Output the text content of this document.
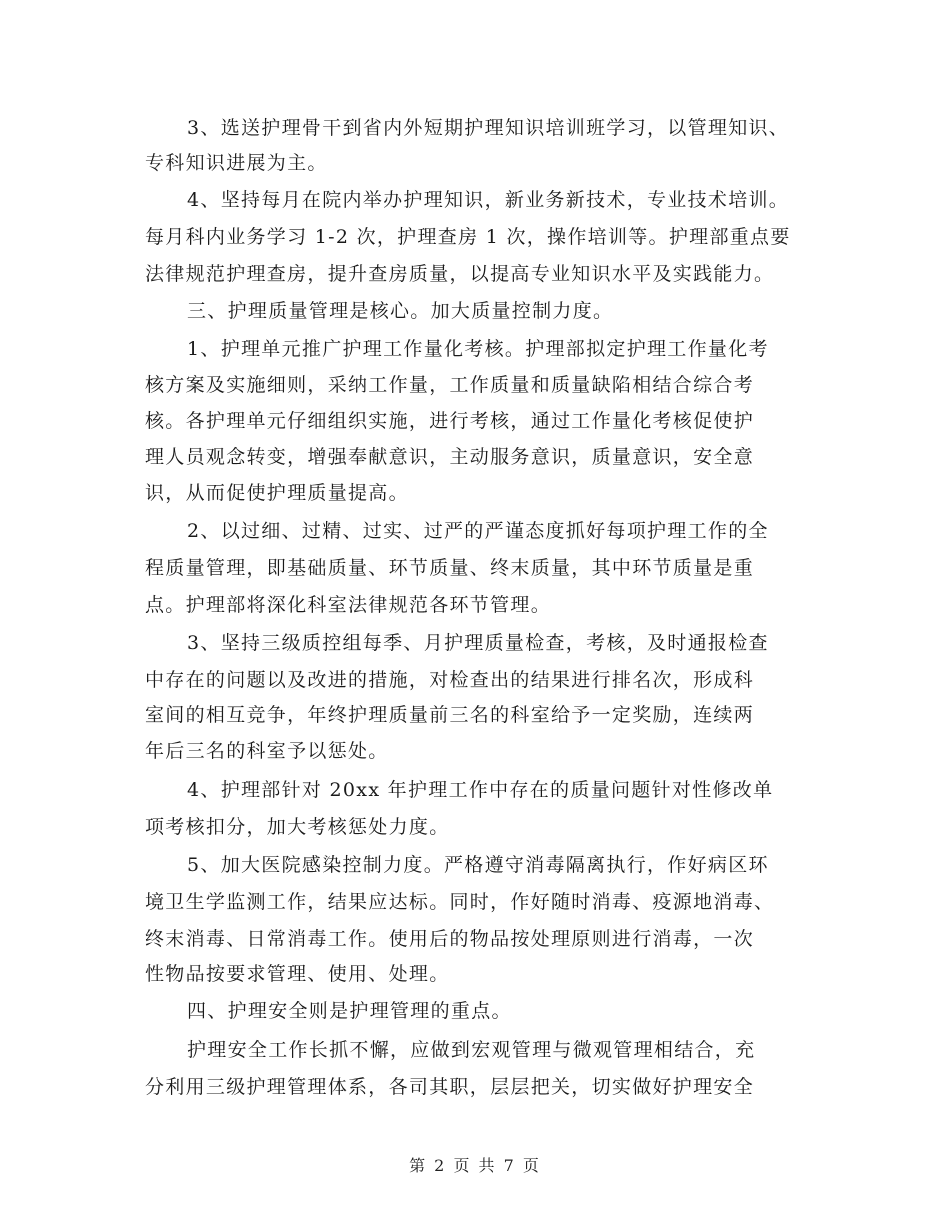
3、选送护理骨干到省内外短期护理知识培训班学习，以管理知识、
专科知识进展为主。
4、坚持每月在院内举办护理知识，新业务新技术，专业技术培训。
每月科内业务学习 1-2 次，护理查房 1 次，操作培训等。护理部重点要
法律规范护理查房，提升查房质量，以提高专业知识水平及实践能力。
三、护理质量管理是核心。加大质量控制力度。
1、护理单元推广护理工作量化考核。护理部拟定护理工作量化考
核方案及实施细则，采纳工作量，工作质量和质量缺陷相结合综合考
核。各护理单元仔细组织实施，进行考核，通过工作量化考核促使护
理人员观念转变，增强奉献意识，主动服务意识，质量意识，安全意
识，从而促使护理质量提高。
2、以过细、过精、过实、过严的严谨态度抓好每项护理工作的全
程质量管理，即基础质量、环节质量、终末质量，其中环节质量是重
点。护理部将深化科室法律规范各环节管理。
3、坚持三级质控组每季、月护理质量检查，考核，及时通报检查
中存在的问题以及改进的措施，对检查出的结果进行排名次，形成科
室间的相互竞争，年终护理质量前三名的科室给予一定奖励，连续两
年后三名的科室予以惩处。
4、护理部针对 20xx 年护理工作中存在的质量问题针对性修改单
项考核扣分，加大考核惩处力度。
5、加大医院感染控制力度。严格遵守消毒隔离执行，作好病区环
境卫生学监测工作，结果应达标。同时，作好随时消毒、疫源地消毒、
终末消毒、日常消毒工作。使用后的物品按处理原则进行消毒，一次
性物品按要求管理、使用、处理。
四、护理安全则是护理管理的重点。
护理安全工作长抓不懈，应做到宏观管理与微观管理相结合，充
分利用三级护理管理体系，各司其职，层层把关，切实做好护理安全
第 2 页 共 7 页
